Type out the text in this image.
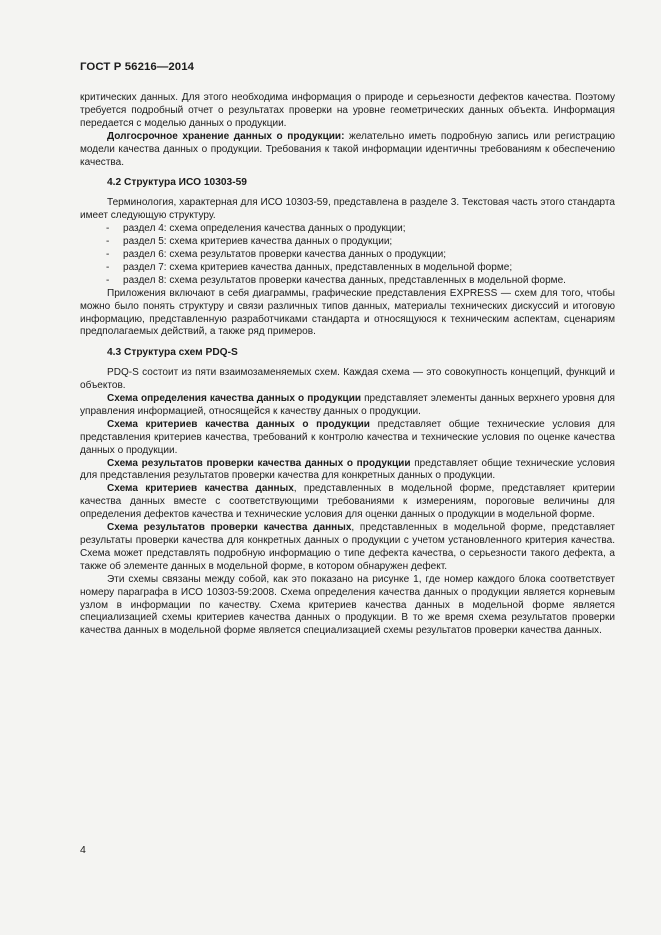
ГОСТ Р 56216—2014

критических данных. Для этого необходима информация о природе и серьезности дефектов качества. Поэтому требуется подробный отчет о результатах проверки на уровне геометрических данных объекта. Информация передается с моделью данных о продукции.

Долгосрочное хранение данных о продукции: желательно иметь подробную запись или регистрацию модели качества данных о продукции. Требования к такой информации идентичны требованиям к обеспечению качества.

4.2 Структура ИСО 10303-59

Терминология, характерная для ИСО 10303-59, представлена в разделе 3. Текстовая часть этого стандарта имеет следующую структуру.

- раздел 4: схема определения качества данных о продукции;
- раздел 5: схема критериев качества данных о продукции;
- раздел 6: схема результатов проверки качества данных о продукции;
- раздел 7: схема критериев качества данных, представленных в модельной форме;
- раздел 8: схема результатов проверки качества данных, представленных в модельной форме.

Приложения включают в себя диаграммы, графические представления EXPRESS — схем для того, чтобы можно было понять структуру и связи различных типов данных, материалы технических дискуссий и итоговую информацию, представленную разработчиками стандарта и относящуюся к техническим аспектам, сценариям предполагаемых действий, а также ряд примеров.

4.3 Структура схем PDQ-S

PDQ-S состоит из пяти взаимозаменяемых схем. Каждая схема — это совокупность концепций, функций и объектов.

Схема определения качества данных о продукции представляет элементы данных верхнего уровня для управления информацией, относящейся к качеству данных о продукции.

Схема критериев качества данных о продукции представляет общие технические условия для представления критериев качества, требований к контролю качества и технические условия по оценке качества данных о продукции.

Схема результатов проверки качества данных о продукции представляет общие технические условия для представления результатов проверки качества для конкретных данных о продукции.

Схема критериев качества данных, представленных в модельной форме, представляет критерии качества данных вместе с соответствующими требованиями к измерениям, пороговые величины для определения дефектов качества и технические условия для оценки данных о продукции в модельной форме.

Схема результатов проверки качества данных, представленных в модельной форме, представляет результаты проверки качества для конкретных данных о продукции с учетом установленного критерия качества. Схема может представлять подробную информацию о типе дефекта качества, о серьезности такого дефекта, а также об элементе данных в модельной форме, в котором обнаружен дефект.

Эти схемы связаны между собой, как это показано на рисунке 1, где номер каждого блока соответствует номеру параграфа в ИСО 10303-59:2008. Схема определения качества данных о продукции является корневым узлом в информации по качеству. Схема критериев качества данных в модельной форме является специализацией схемы критериев качества данных о продукции. В то же время схема результатов проверки качества данных в модельной форме является специализацией схемы результатов проверки качества данных.

4
